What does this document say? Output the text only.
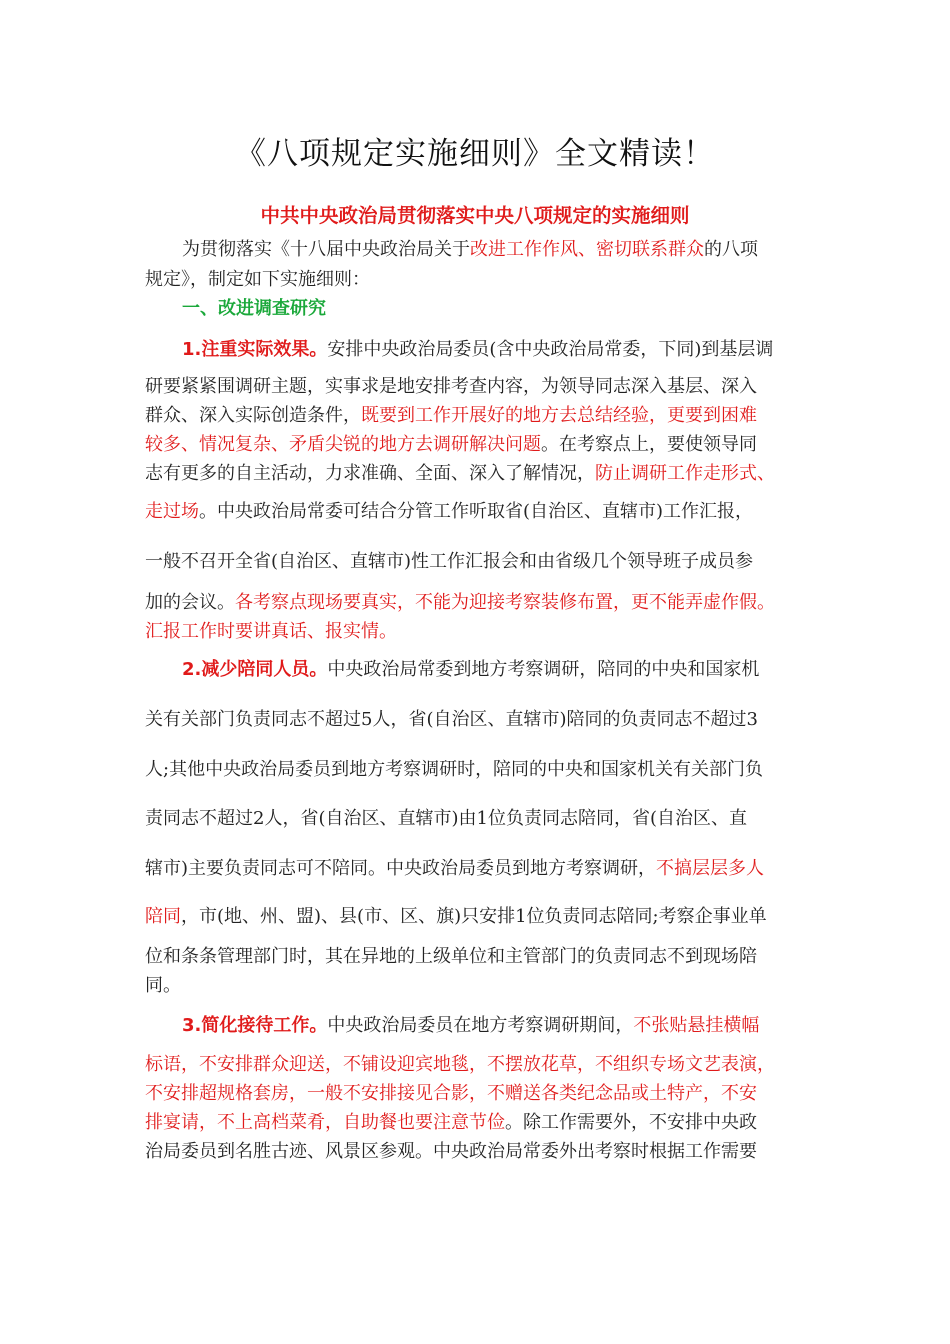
《八项规定实施细则》全文精读！
中共中央政治局贯彻落实中央八项规定的实施细则
为贯彻落实《十八届中央政治局关于改进工作作风、密切联系群众的八项
规定》，制定如下实施细则：
一、改进调查研究
1.注重实际效果。安排中央政治局委员(含中央政治局常委，下同)到基层调
研要紧紧围调研主题，实事求是地安排考查内容，为领导同志深入基层、深入
群众、深入实际创造条件，既要到工作开展好的地方去总结经验，更要到困难
较多、情况复杂、矛盾尖锐的地方去调研解决问题。在考察点上，要使领导同
志有更多的自主活动，力求准确、全面、深入了解情况，防止调研工作走形式、
走过场。中央政治局常委可结合分管工作听取省(自治区、直辖市)工作汇报，
一般不召开全省(自治区、直辖市)性工作汇报会和由省级几个领导班子成员参
加的会议。各考察点现场要真实，不能为迎接考察装修布置，更不能弄虚作假。
汇报工作时要讲真话、报实情。
2.减少陪同人员。中央政治局常委到地方考察调研，陪同的中央和国家机
关有关部门负责同志不超过5人，省(自治区、直辖市)陪同的负责同志不超过3
人;其他中央政治局委员到地方考察调研时，陪同的中央和国家机关有关部门负
责同志不超过2人，省(自治区、直辖市)由1位负责同志陪同，省(自治区、直
辖市)主要负责同志可不陪同。中央政治局委员到地方考察调研，不搞层层多人
陪同，市(地、州、盟)、县(市、区、旗)只安排1位负责同志陪同;考察企事业单
位和条条管理部门时，其在异地的上级单位和主管部门的负责同志不到现场陪
同。
3.简化接待工作。中央政治局委员在地方考察调研期间，不张贴悬挂横幅
标语，不安排群众迎送，不铺设迎宾地毯，不摆放花草，不组织专场文艺表演，
不安排超规格套房，一般不安排接见合影，不赠送各类纪念品或土特产，不安
排宴请，不上高档菜肴，自助餐也要注意节俭。除工作需要外，不安排中央政
治局委员到名胜古迹、风景区参观。中央政治局常委外出考察时根据工作需要
